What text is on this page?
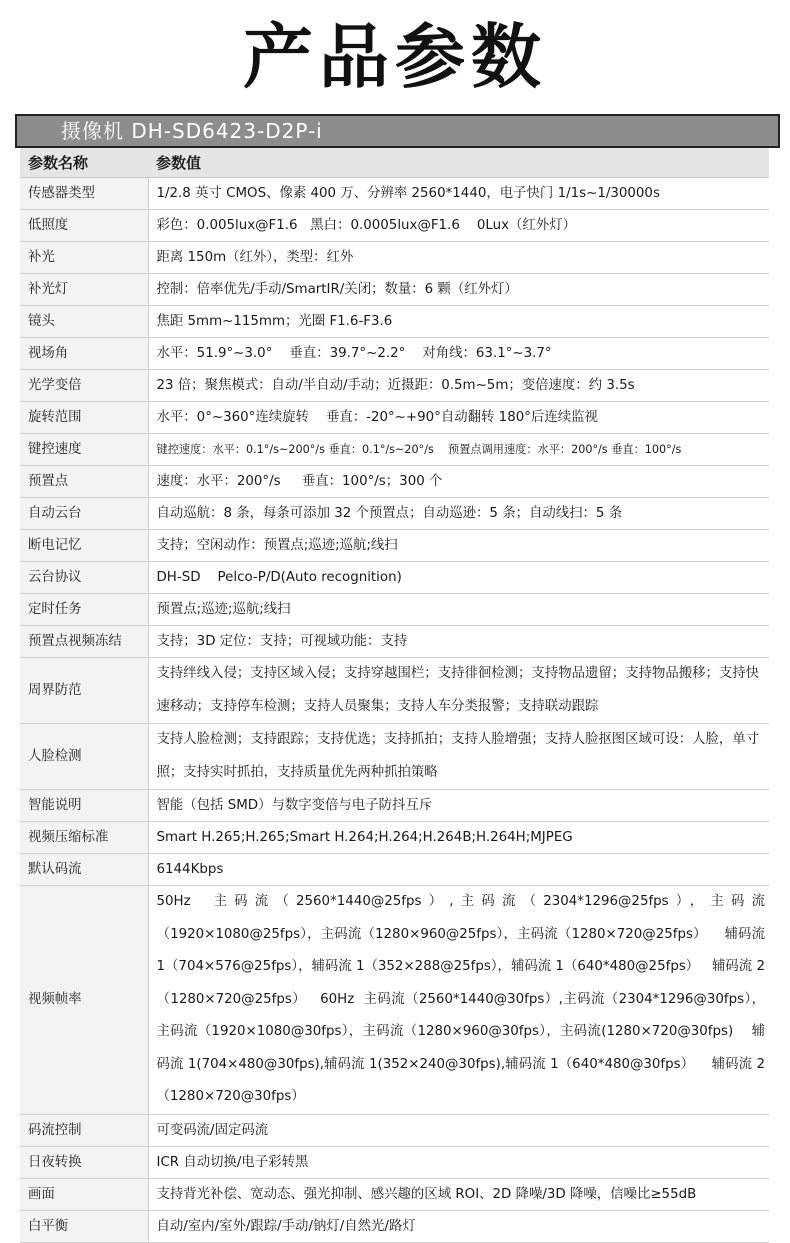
产品参数
摄像机 DH-SD6423-D2P-i
参数名称	参数值
传感器类型	1/2.8 英寸 CMOS、像素 400 万、分辨率 2560*1440，电子快门 1/1s~1/30000s
低照度	彩色：0.005lux@F1.6   黑白：0.0005lux@F1.6    0Lux（红外灯）
补光	距离 150m（红外），类型：红外
补光灯	控制：倍率优先/手动/SmartIR/关闭；数量：6 颗（红外灯）
镜头	焦距 5mm~115mm；光圈 F1.6-F3.6
视场角	水平：51.9°~3.0°    垂直：39.7°~2.2°    对角线：63.1°~3.7°
光学变倍	23 倍；聚焦模式：自动/半自动/手动；近摄距：0.5m~5m；变倍速度：约 3.5s
旋转范围	水平：0°~360°连续旋转    垂直：-20°~+90°自动翻转 180°后连续监视
键控速度	键控速度：水平：0.1°/s~200°/s 垂直：0.1°/s~20°/s    预置点调用速度：水平：200°/s 垂直：100°/s
预置点	速度：水平：200°/s     垂直：100°/s；300 个
自动云台	自动巡航：8 条，每条可添加 32 个预置点；自动巡逊：5 条；自动线扫：5 条
断电记忆	支持；空闲动作：预置点;巡迹;巡航;线扫
云台协议	DH-SD    Pelco-P/D(Auto recognition)
定时任务	预置点;巡迹;巡航;线扫
预置点视频冻结	支持；3D 定位：支持；可视域功能：支持
周界防范	支持绊线入侵；支持区域入侵；支持穿越围栏；支持徘徊检测；支持物品遗留；支持物品搬移；支持快速移动；支持停车检测；支持人员聚集；支持人车分类报警；支持联动跟踪
人脸检测	支持人脸检测；支持跟踪；支持优选；支持抓拍；支持人脸增强；支持人脸抠图区域可设：人脸，单寸照；支持实时抓拍，支持质量优先两种抓拍策略
智能说明	智能（包括 SMD）与数字变倍与电子防抖互斥
视频压缩标准	Smart H.265;H.265;Smart H.264;H.264;H.264B;H.264H;MJPEG
默认码流	6144Kbps
视频帧率	50Hz  主码流（2560*1440@25fps）,主码流（2304*1296@25fps），主码流（1920×1080@25fps），主码流（1280×960@25fps），主码流（1280×720@25fps）    辅码流 1（704×576@25fps），辅码流 1（352×288@25fps），辅码流 1（640*480@25fps）   辅码流 2（1280×720@25fps）   60Hz  主码流（2560*1440@30fps）,主码流（2304*1296@30fps），主码流（1920×1080@30fps），主码流（1280×960@30fps），主码流(1280×720@30fps)    辅码流 1(704×480@30fps),辅码流 1(352×240@30fps),辅码流 1（640*480@30fps）    辅码流 2（1280×720@30fps）
码流控制	可变码流/固定码流
日夜转换	ICR 自动切换/电子彩转黑
画面	支持背光补偿、宽动态、强光抑制、感兴趣的区域 ROI、2D 降噪/3D 降噪，信噪比≥55dB
白平衡	自动/室内/室外/跟踪/手动/钠灯/自然光/路灯
